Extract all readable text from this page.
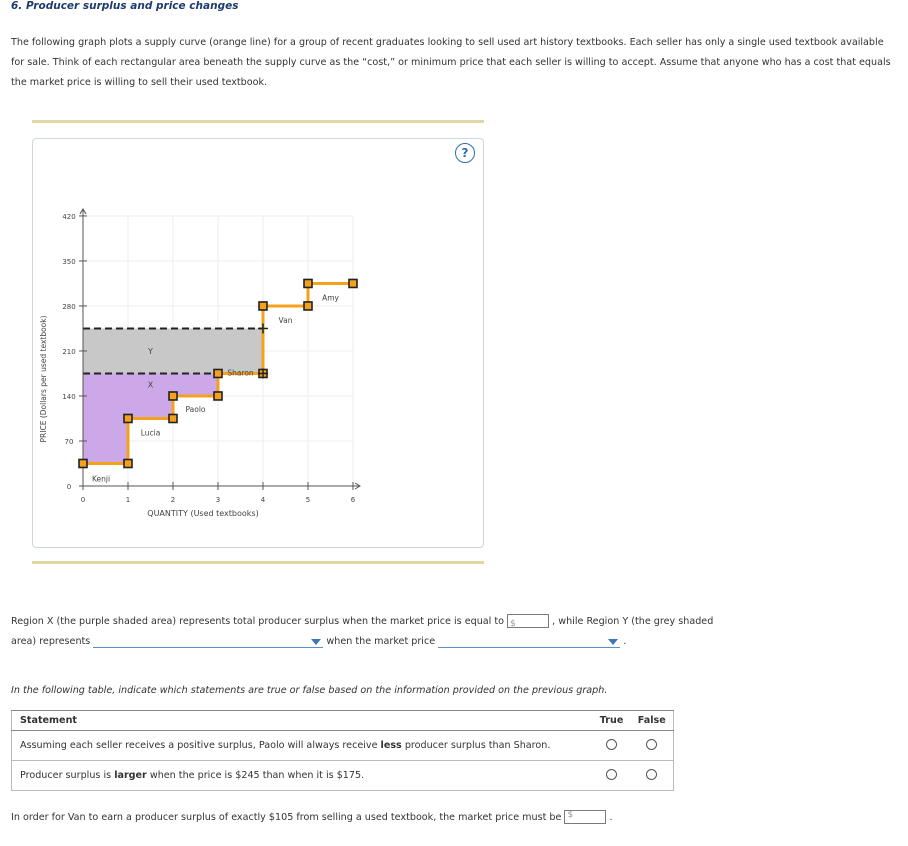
6. Producer surplus and price changes
The following graph plots a supply curve (orange line) for a group of recent graduates looking to sell used art history textbooks. Each seller has only a single used textbook available for sale. Think of each rectangular area beneath the supply curve as the “cost,” or minimum price that each seller is willing to accept. Assume that anyone who has a cost that equals the market price is willing to sell their used textbook.
0
70
140
210
280
350
420
0	1	2	3	4	5	6
QUANTITY (Used textbooks)
PRICE (Dollars per used textbook)
Kenji
Lucia
Paolo
Sharon
Van
Amy
X
Y
?
Region X (the purple shaded area) represents total producer surplus when the market price is equal to $	, while Region Y (the grey shaded
area) represents	when the market price	.
In the following table, indicate which statements are true or false based on the information provided on the previous graph.
Statement	True	False
Assuming each seller receives a positive surplus, Paolo will always receive less producer surplus than Sharon.		
Producer surplus is larger when the price is $245 than when it is $175.		
In order for Van to earn a producer surplus of exactly $105 from selling a used textbook, the market price must be $	.
